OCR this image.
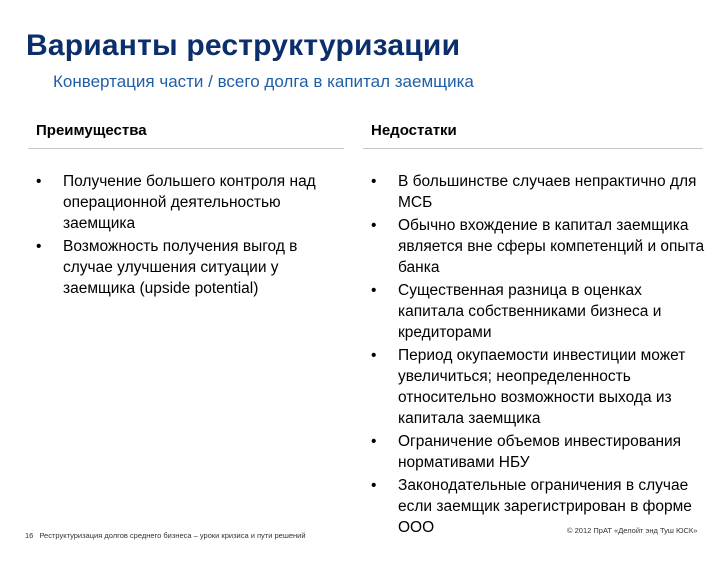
Варианты реструктуризации
Конвертация части / всего долга в капитал заемщика
Преимущества	Недостатки
• Получение большего контроля над операционной деятельностью заемщика
• Возможность получения выгод в случае улучшения ситуации у заемщика (upside potential)
• В большинстве случаев непрактично для МСБ
• Обычно вхождение в капитал заемщика является вне сферы компетенций и опыта банка
• Существенная разница в оценках капитала собственниками бизнеса и кредиторами
• Период окупаемости инвестиции может увеличиться; неопределенность относительно возможности выхода из капитала заемщика
• Ограничение объемов инвестирования нормативами НБУ
• Законодательные ограничения в случае если заемщик зарегистрирован в форме ООО
16 Реструктуризация долгов среднего бизнеса – уроки кризиса и пути решений
© 2012 ПрАТ «Делойт энд Туш ЮСК»
